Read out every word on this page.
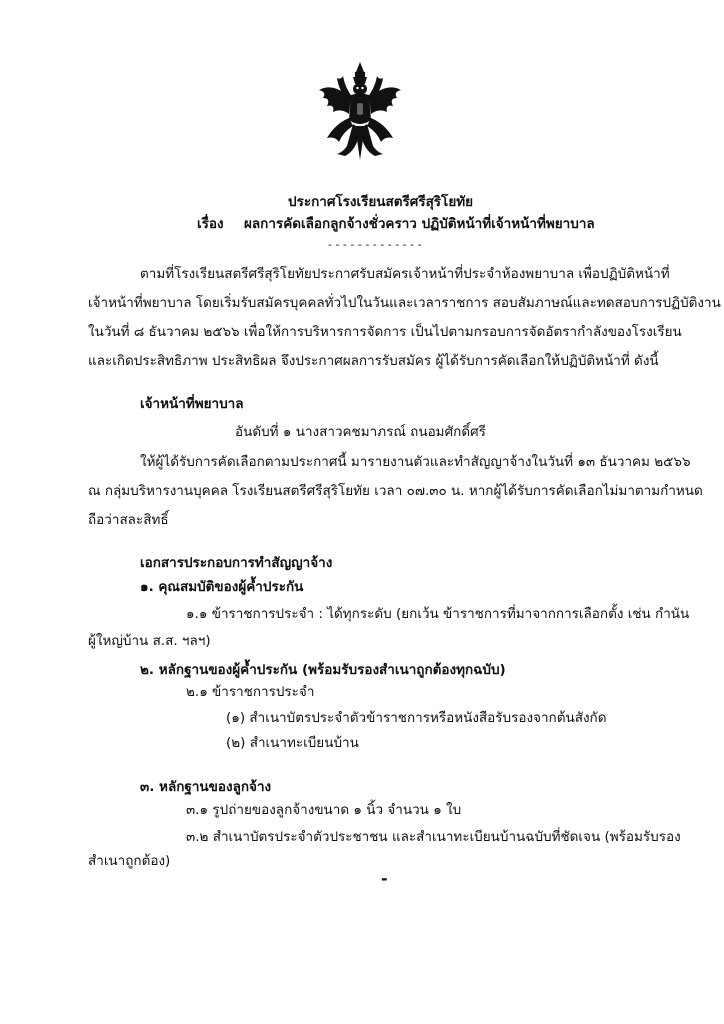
ประกาศโรงเรียนสตรีศรีสุริโยทัย
เรื่อง ผลการคัดเลือกลูกจ้างชั่วคราว ปฏิบัติหน้าที่เจ้าหน้าที่พยาบาล
- - - - - - - - - - - - -
ตามที่โรงเรียนสตรีศรีสุริโยทัยประกาศรับสมัครเจ้าหน้าที่ประจำห้องพยาบาล เพื่อปฏิบัติหน้าที่
เจ้าหน้าที่พยาบาล โดยเริ่มรับสมัครบุคคลทั่วไปในวันและเวลาราชการ สอบสัมภาษณ์และทดสอบการปฏิบัติงาน
ในวันที่ ๘ ธันวาคม ๒๕๖๖ เพื่อให้การบริหารการจัดการ เป็นไปตามกรอบการจัดอัตรากำลังของโรงเรียน
และเกิดประสิทธิภาพ ประสิทธิผล จึงประกาศผลการรับสมัคร ผู้ได้รับการคัดเลือกให้ปฏิบัติหน้าที่ ดังนี้
เจ้าหน้าที่พยาบาล
อันดับที่ ๑ นางสาวคชมาภรณ์ ถนอมศักดิ์ศรี
ให้ผู้ได้รับการคัดเลือกตามประกาศนี้ มารายงานตัวและทำสัญญาจ้างในวันที่ ๑๓ ธันวาคม ๒๕๖๖
ณ กลุ่มบริหารงานบุคคล โรงเรียนสตรีศรีสุริโยทัย เวลา ๐๗.๓๐ น. หากผู้ได้รับการคัดเลือกไม่มาตามกำหนด
ถือว่าสละสิทธิ์
เอกสารประกอบการทำสัญญาจ้าง
๑. คุณสมบัติของผู้ค้ำประกัน
๑.๑ ข้าราชการประจำ : ได้ทุกระดับ (ยกเว้น ข้าราชการที่มาจากการเลือกตั้ง เช่น กำนัน
ผู้ใหญ่บ้าน ส.ส. ฯลฯ)
๒. หลักฐานของผู้ค้ำประกัน (พร้อมรับรองสำเนาถูกต้องทุกฉบับ)
๒.๑ ข้าราชการประจำ
(๑) สำเนาบัตรประจำตัวข้าราชการหรือหนังสือรับรองจากต้นสังกัด
(๒) สำเนาทะเบียนบ้าน
๓. หลักฐานของลูกจ้าง
๓.๑ รูปถ่ายของลูกจ้างขนาด ๑ นิ้ว จำนวน ๑ ใบ
๓.๒ สำเนาบัตรประจำตัวประชาชน และสำเนาทะเบียนบ้านฉบับที่ชัดเจน (พร้อมรับรอง
สำเนาถูกต้อง)
-
